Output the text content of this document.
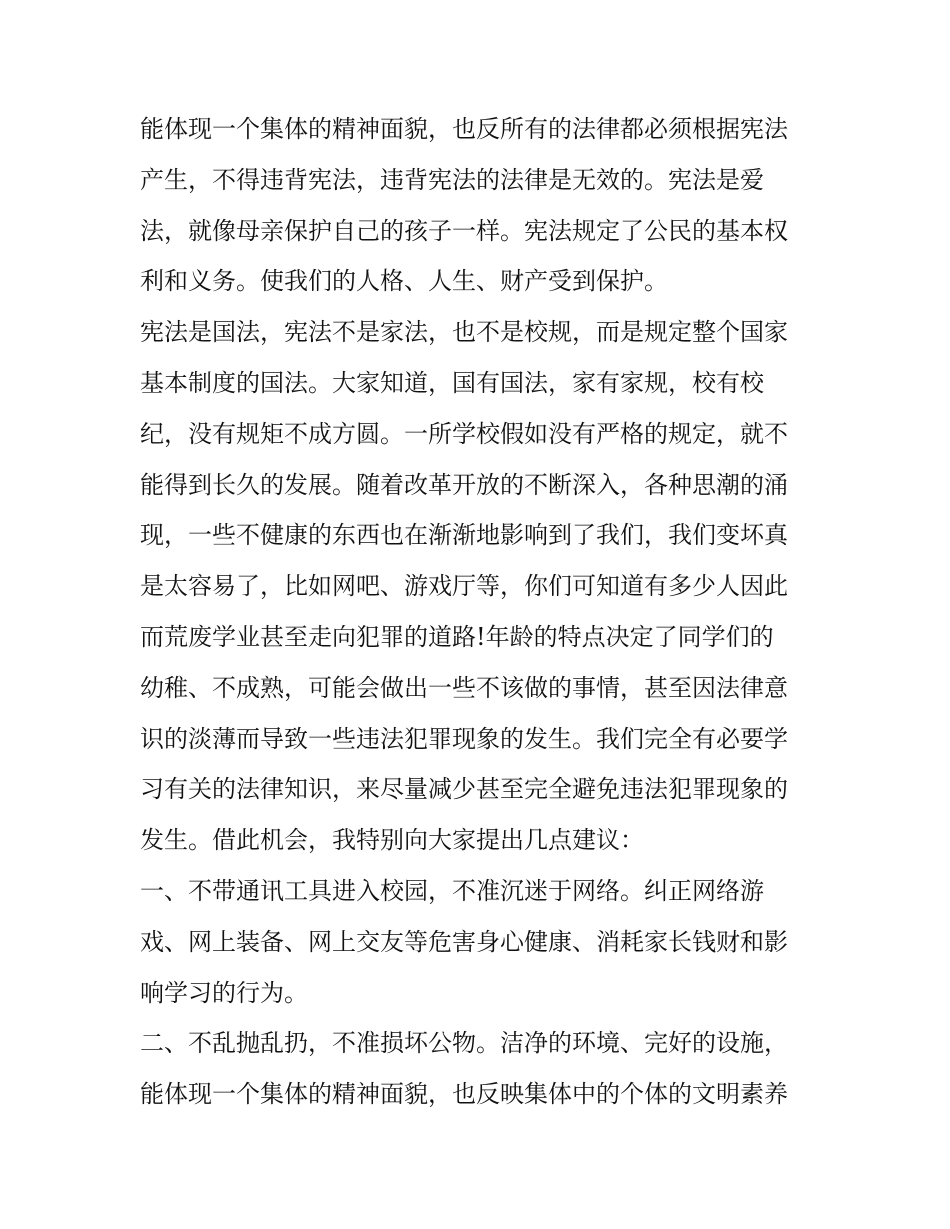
能体现一个集体的精神面貌，也反所有的法律都必须根据宪法
产生，不得违背宪法，违背宪法的法律是无效的。宪法是爱
法，就像母亲保护自己的孩子一样。宪法规定了公民的基本权
利和义务。使我们的人格、人生、财产受到保护。
宪法是国法，宪法不是家法，也不是校规，而是规定整个国家
基本制度的国法。大家知道，国有国法，家有家规，校有校
纪，没有规矩不成方圆。一所学校假如没有严格的规定，就不
能得到长久的发展。随着改革开放的不断深入，各种思潮的涌
现，一些不健康的东西也在渐渐地影响到了我们，我们变坏真
是太容易了，比如网吧、游戏厅等，你们可知道有多少人因此
而荒废学业甚至走向犯罪的道路!年龄的特点决定了同学们的
幼稚、不成熟，可能会做出一些不该做的事情，甚至因法律意
识的淡薄而导致一些违法犯罪现象的发生。我们完全有必要学
习有关的法律知识，来尽量减少甚至完全避免违法犯罪现象的
发生。借此机会，我特别向大家提出几点建议：
一、不带通讯工具进入校园，不准沉迷于网络。纠正网络游
戏、网上装备、网上交友等危害身心健康、消耗家长钱财和影
响学习的行为。
二、不乱抛乱扔，不准损坏公物。洁净的环境、完好的设施，
能体现一个集体的精神面貌，也反映集体中的个体的文明素养
